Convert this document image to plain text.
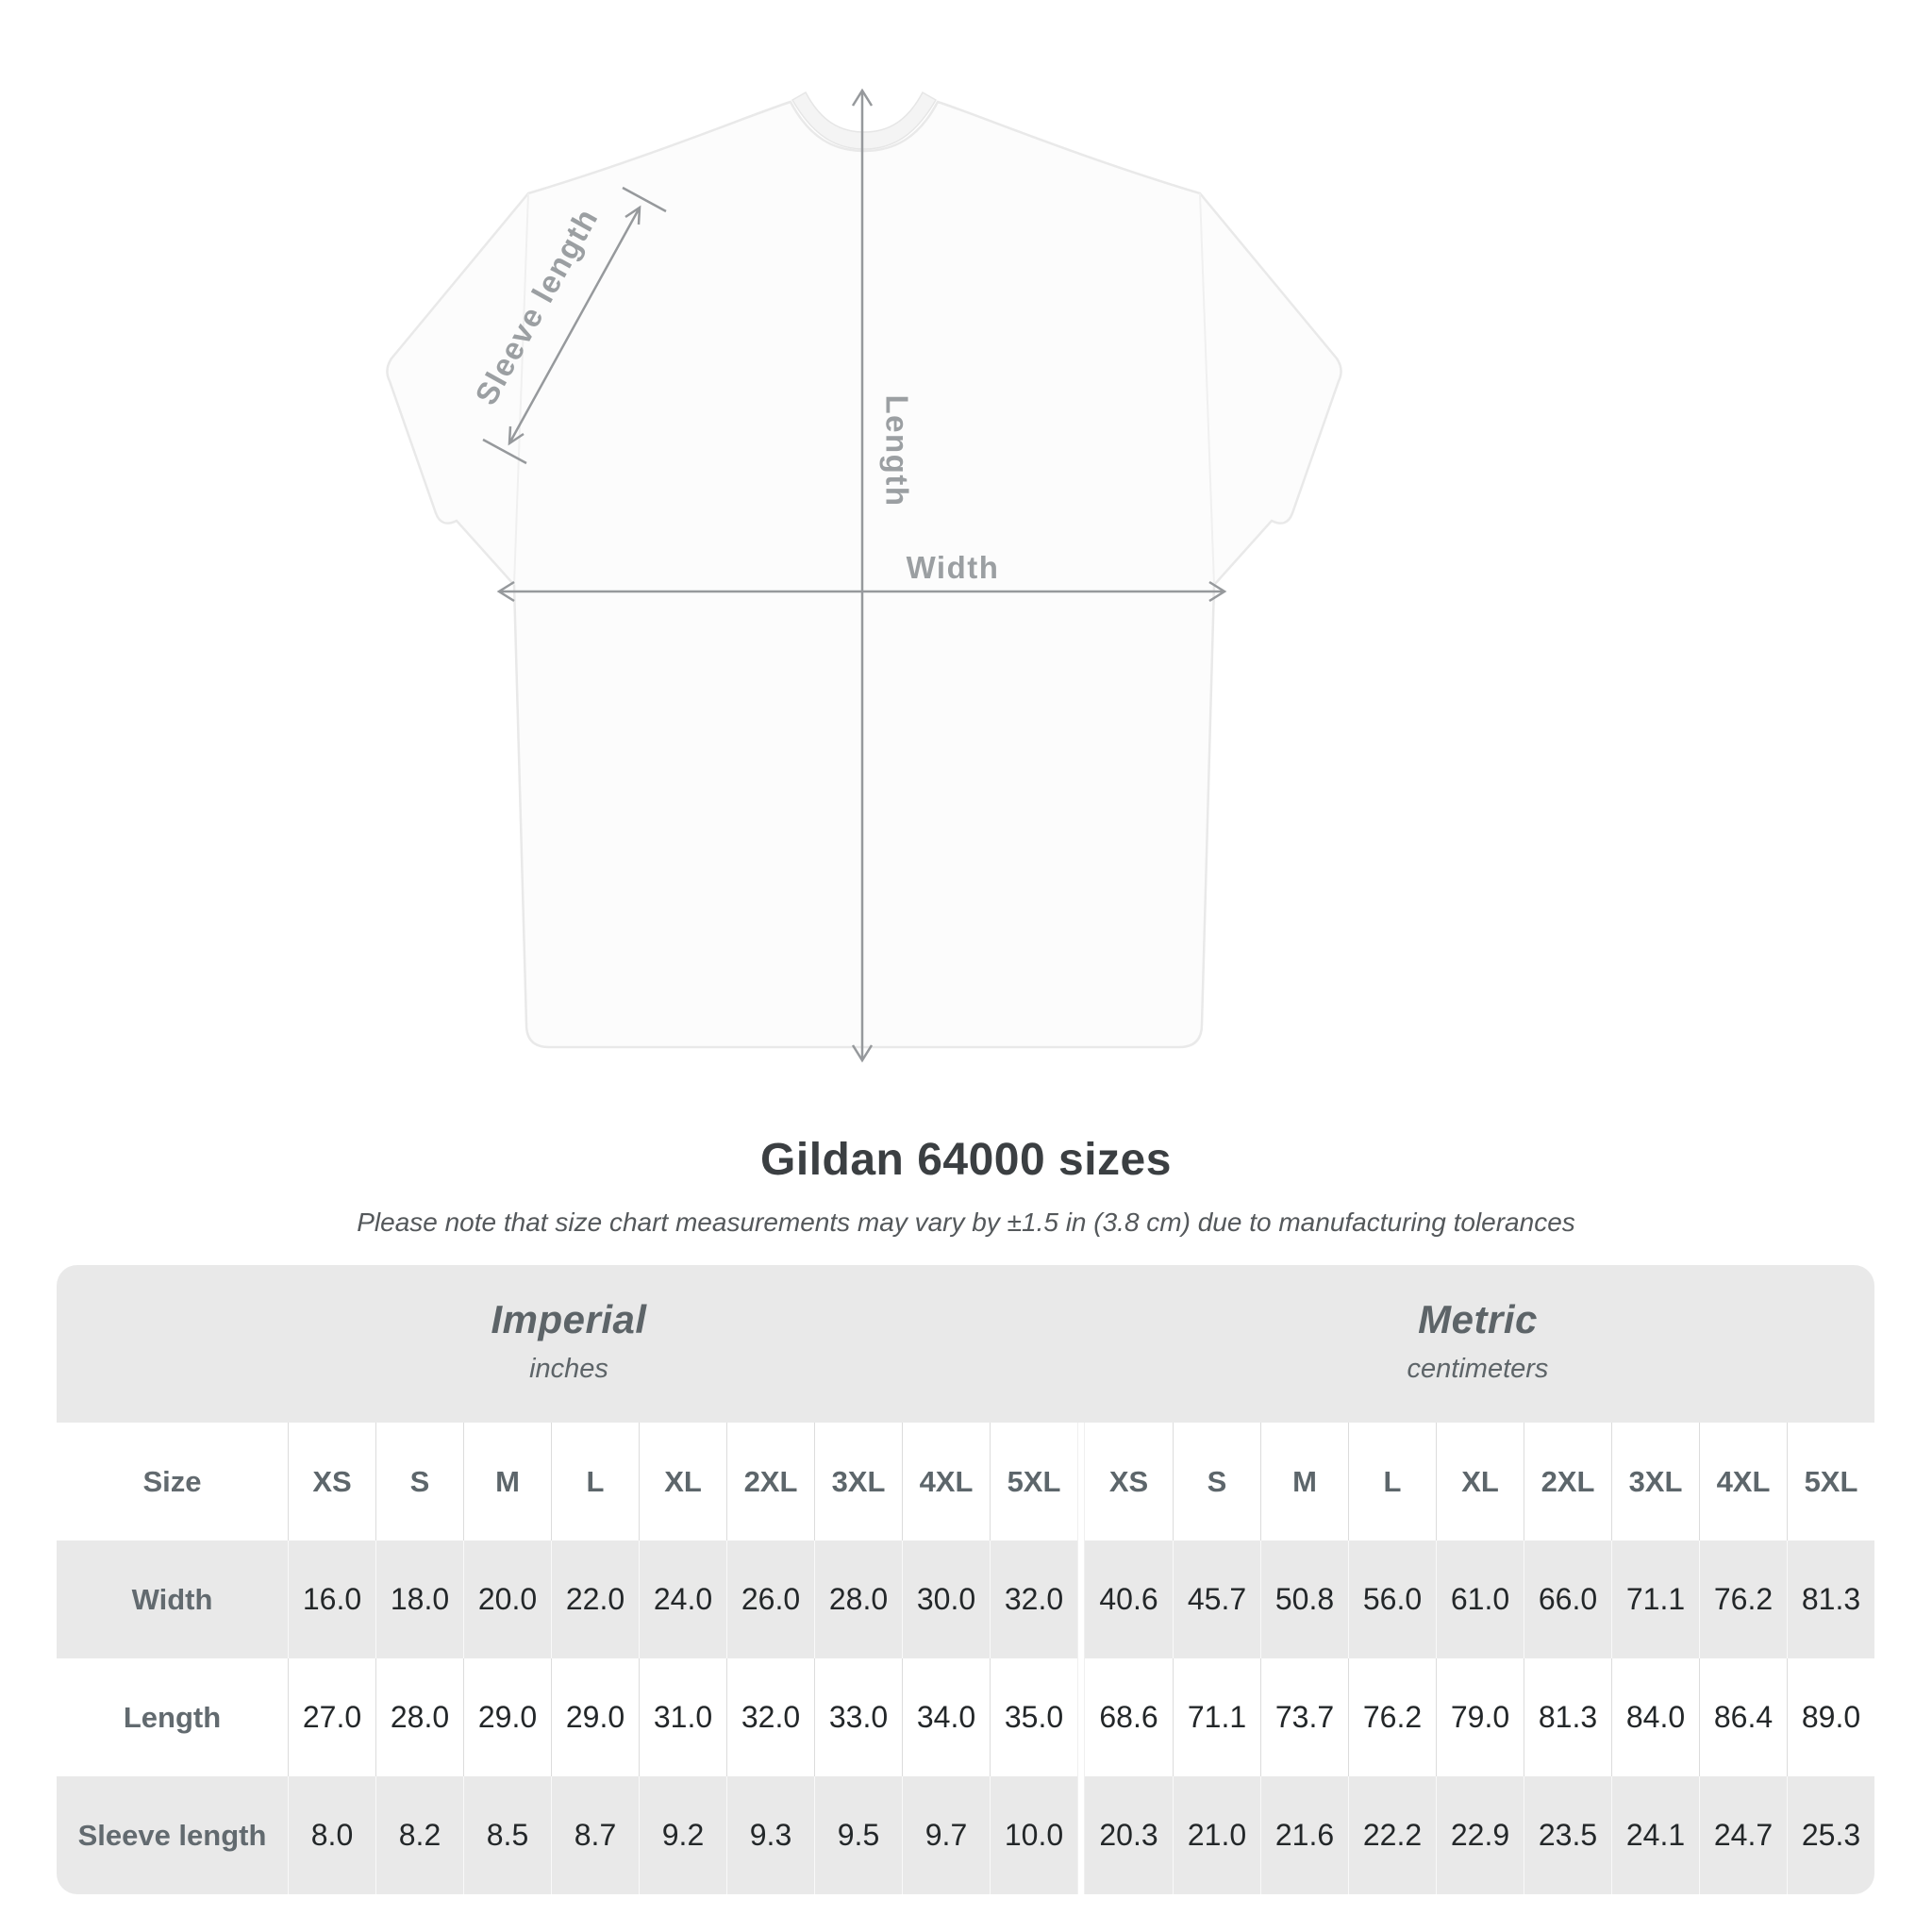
Length
Width
Sleeve length
Gildan 64000 sizes

Please note that size chart measurements may vary by ±1.5 in (3.8 cm) due to manufacturing tolerances

Imperial
inches
Metric
centimeters
Size	XS	S	M	L	XL	2XL	3XL	4XL	5XL	XS	S	M	L	XL	2XL	3XL	4XL	5XL
Width	16.0 18.0 20.0 22.0 24.0 26.0 28.0 30.0 32.0	40.6 45.7 50.8 56.0 61.0 66.0 71.1 76.2 81.3
Length	27.0 28.0 29.0 29.0 31.0 32.0 33.0 34.0 35.0	68.6 71.1 73.7 76.2 79.0 81.3 84.0 86.4 89.0
Sleeve length	8.0	8.2	8.5	8.7	9.2	9.3	9.5	9.7	10.0	20.3 21.0 21.6 22.2 22.9 23.5 24.1 24.7 25.3
